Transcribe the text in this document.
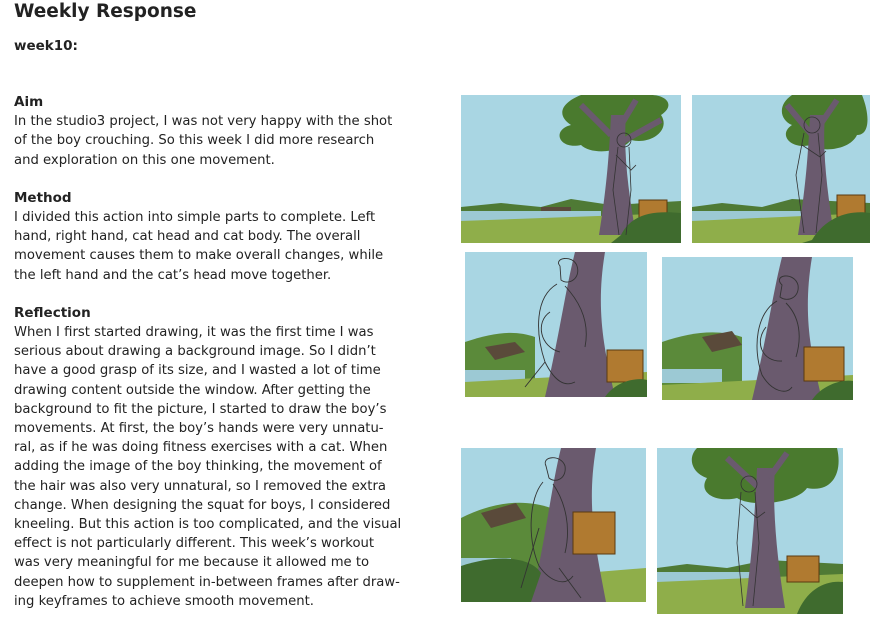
Weekly Response
week10:

Aim

In the studio3 project, I was not very happy with the shot
of the boy crouching. So this week I did more research
and exploration on this one movement.

Method

I divided this action into simple parts to complete. Left
hand, right hand, cat head and cat body. The overall
movement causes them to make overall changes, while
the left hand and the cat’s head move together.

Reflection

When I first started drawing, it was the first time I was
serious about drawing a background image. So I didn’t
have a good grasp of its size, and I wasted a lot of time
drawing content outside the window. After getting the
background to fit the picture, I started to draw the boy’s
movements. At first, the boy’s hands were very unnatu-
ral, as if he was doing fitness exercises with a cat. When
adding the image of the boy thinking, the movement of
the hair was also very unnatural, so I removed the extra
change. When designing the squat for boys, I considered
kneeling. But this action is too complicated, and the visual
effect is not particularly different. This week’s workout
was very meaningful for me because it allowed me to
deepen how to supplement in-between frames after draw-
ing keyframes to achieve smooth movement.
